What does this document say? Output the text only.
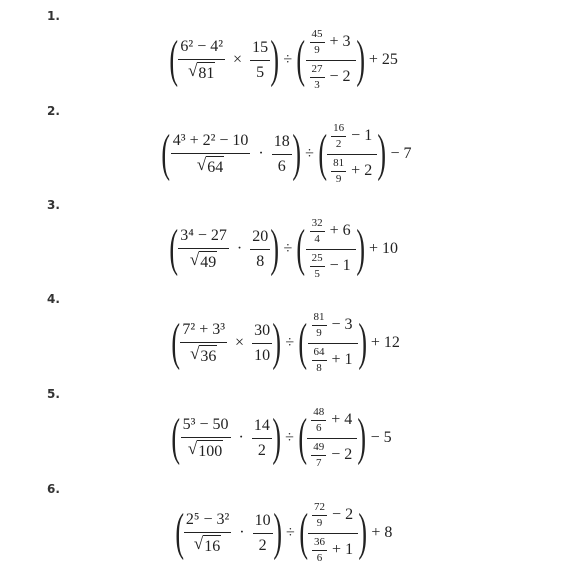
1.
( $\frac{\text{6² − 4²}}{√ 81} \times \frac{15}{5}$ ) ÷ ( $\frac{\frac{45}{9} + 3}{\frac{27}{3} - 2}$ ) + 25
2.
( $\frac{\text{4³ + 2² − 10}}{√ 64} \cdot \frac{18}{6}$ ) ÷ ( $\frac{\frac{16}{2} - 1}{\frac{81}{9} + 2}$ ) − 7
3.
( $\frac{\text{3⁴ − 27}}{√ 49} \cdot \frac{20}{8}$ ) ÷ ( $\frac{\frac{32}{4} + 6}{\frac{25}{5} - 1}$ ) + 10
4.
( $\frac{\text{7² + 3³}}{√ 36} \times \frac{30}{10}$ ) ÷ ( $\frac{\frac{81}{9} - 3}{\frac{64}{8} + 1}$ ) + 12
5.
( $\frac{\text{5³ − 50}}{√ 100} \cdot \frac{14}{2}$ ) ÷ ( $\frac{\frac{48}{6} + 4}{\frac{49}{7} - 2}$ ) − 5
6.
( $\frac{\text{2⁵ − 3²}}{√ 16} \cdot \frac{10}{2}$ ) ÷ ( $\frac{\frac{72}{9} - 2}{\frac{36}{6} + 1}$ ) + 8
